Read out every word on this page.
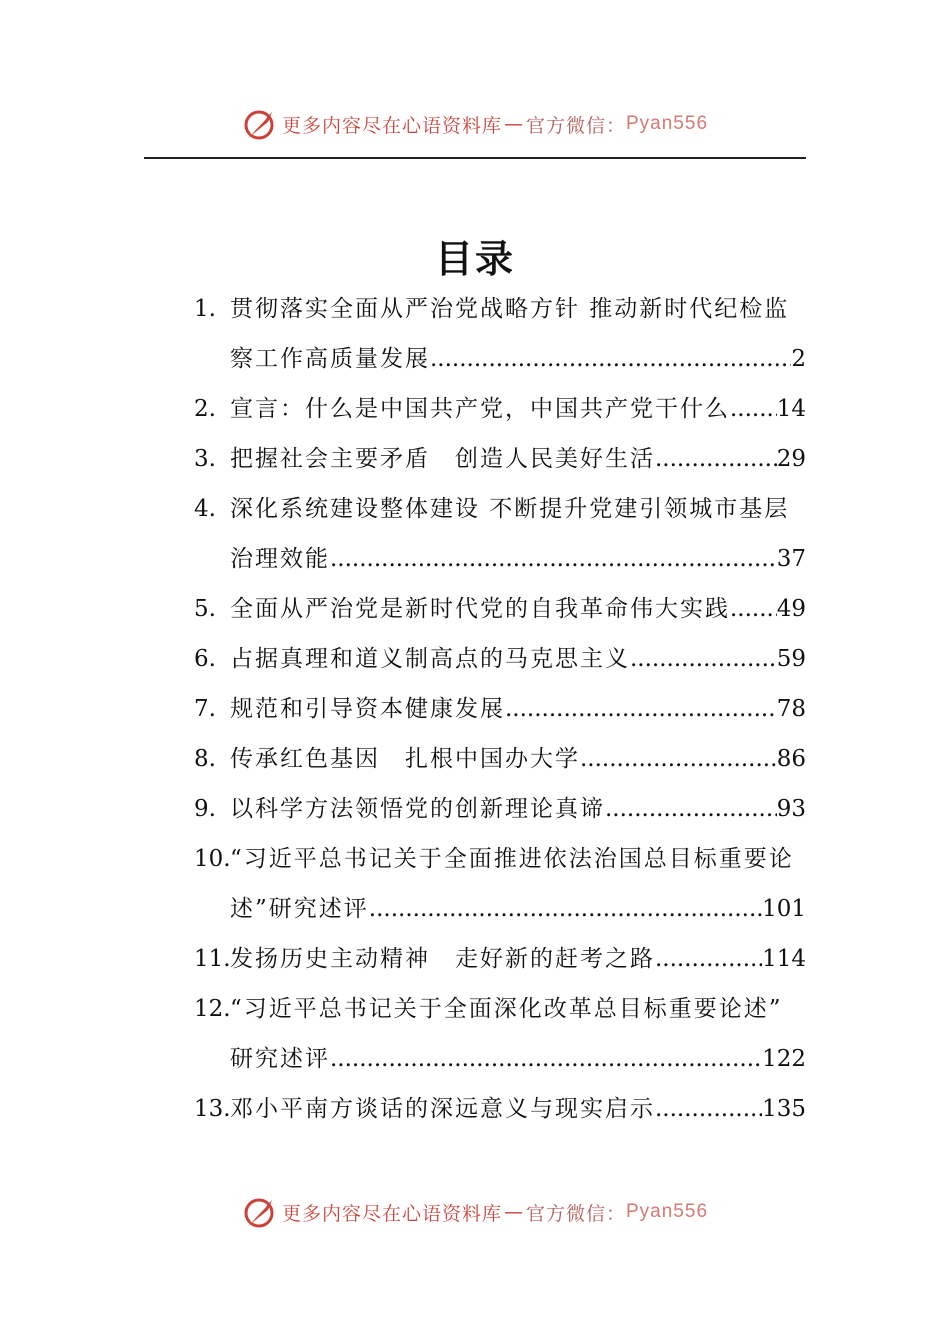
更多内容尽在心语资料库 — 官方微信： Pyan556
目录
1. 贯彻落实全面从严治党战略方针 推动新时代纪检监
察工作高质量发展 .....	2
2. 宣言：什么是中国共产党，中国共产党干什么 ..... 14
3. 把握社会主要矛盾　创造人民美好生活 .....	29
4. 深化系统建设整体建设 不断提升党建引领城市基层
治理效能 .....	37
5. 全面从严治党是新时代党的自我革命伟大实践 ..... 49
6. 占据真理和道义制高点的马克思主义 .....	59
7. 规范和引导资本健康发展 .....	78
8. 传承红色基因　扎根中国办大学 .....	86
9. 以科学方法领悟党的创新理论真谛 .....	93
10. “习近平总书记关于全面推进依法治国总目标重要论
述”研究述评 .....	101
11. 发扬历史主动精神　走好新的赶考之路 .....	114
12. “习近平总书记关于全面深化改革总目标重要论述”
研究述评 .....	122
13. 邓小平南方谈话的深远意义与现实启示 .....	135
更多内容尽在心语资料库 — 官方微信： Pyan556
